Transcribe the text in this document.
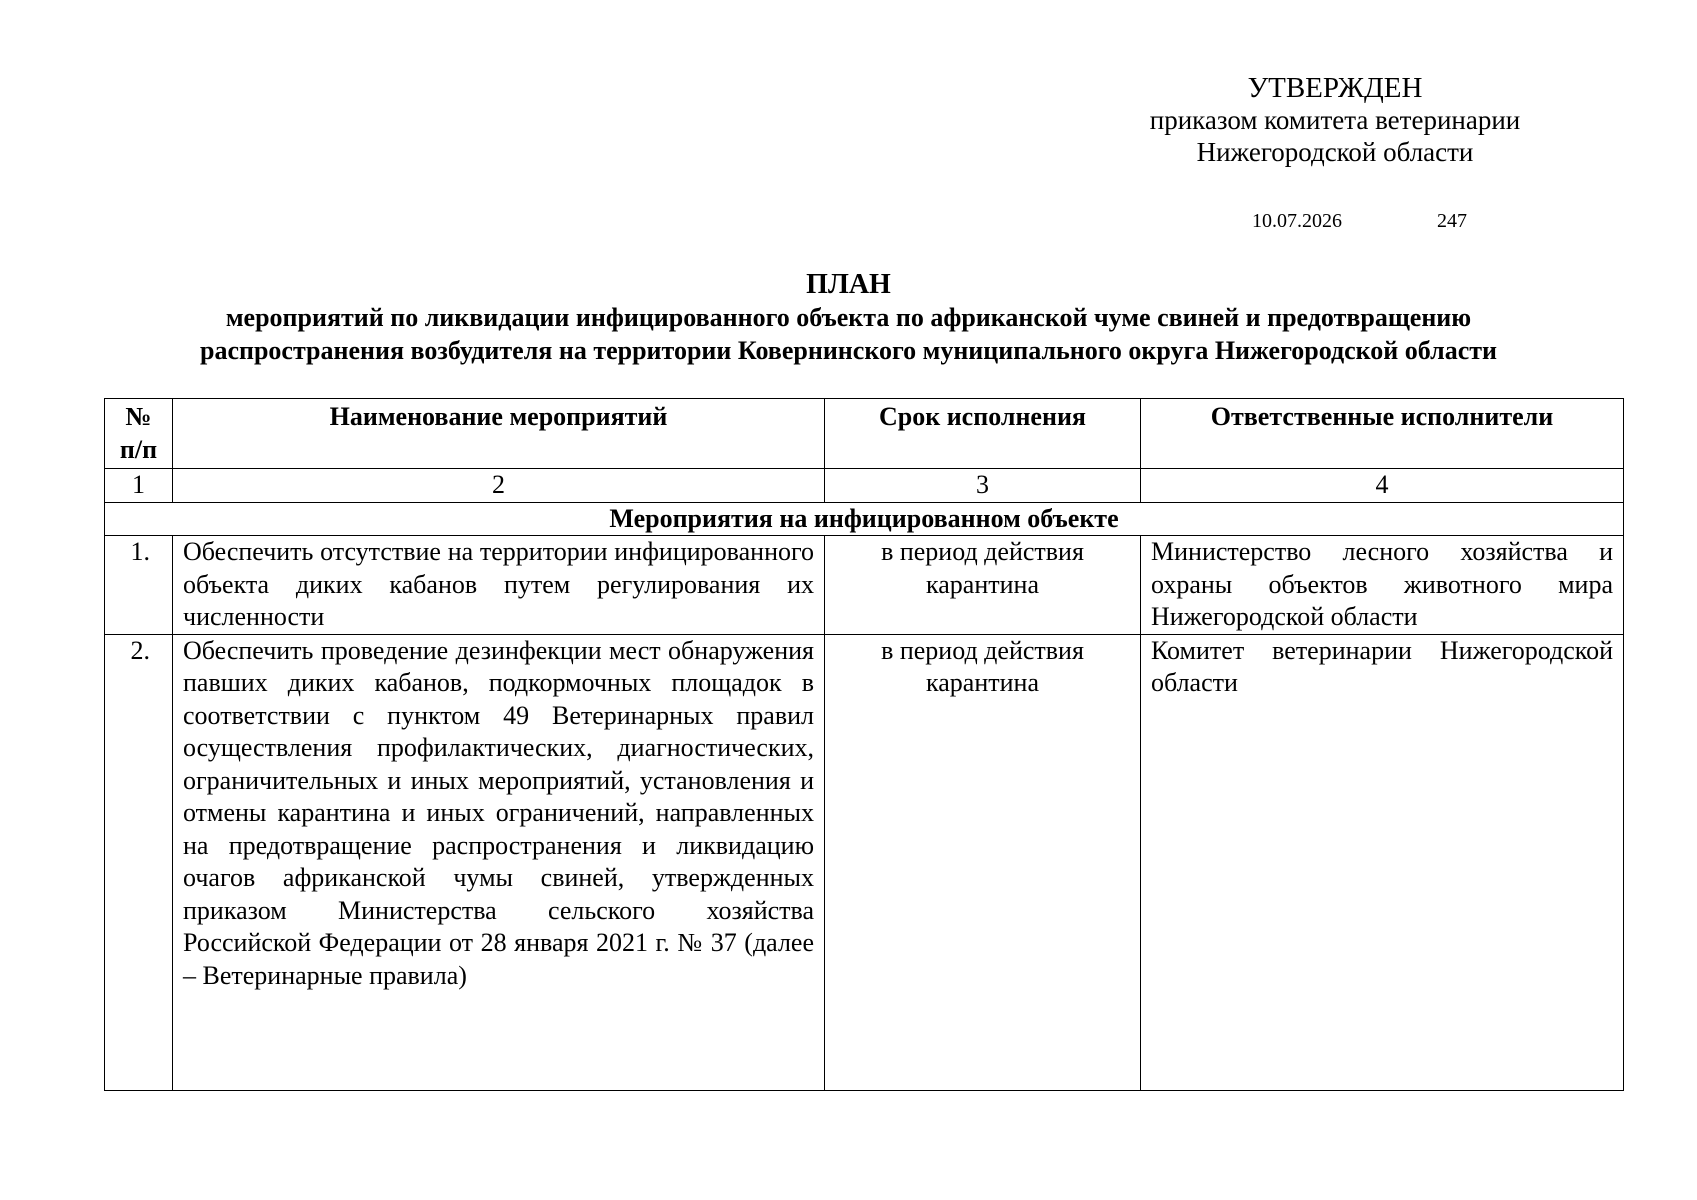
УТВЕРЖДЕН
приказом комитета ветеринарии
Нижегородской области
10.07.2026	247
ПЛАН
мероприятий по ликвидации инфицированного объекта по африканской чуме свиней и предотвращению
распространения возбудителя на территории Ковернинского муниципального округа Нижегородской области
№ п/п	Наименование мероприятий	Срок исполнения	Ответственные исполнители
1	2	3	4
Мероприятия на инфицированном объекте			
1.	Обеспечить отсутствие на территории инфицированного объекта диких кабанов путем регулирования их численности	в период действия карантина	Министерство лесного хозяйства и охраны объектов животного мира Нижегородской области
2.	Обеспечить проведение дезинфекции мест обнаружения павших диких кабанов, подкормочных площадок в соответствии с пунктом 49 Ветеринарных правил осуществления профилактических, диагностических, ограничительных и иных мероприятий, установления и отмены карантина и иных ограничений, направленных на предотвращение распространения и ликвидацию очагов африканской чумы свиней, утвержденных приказом Министерства сельского хозяйства Российской Федерации от 28 января 2021 г. № 37 (далее – Ветеринарные правила)	в период действия карантина	Комитет ветеринарии Нижегородской области
